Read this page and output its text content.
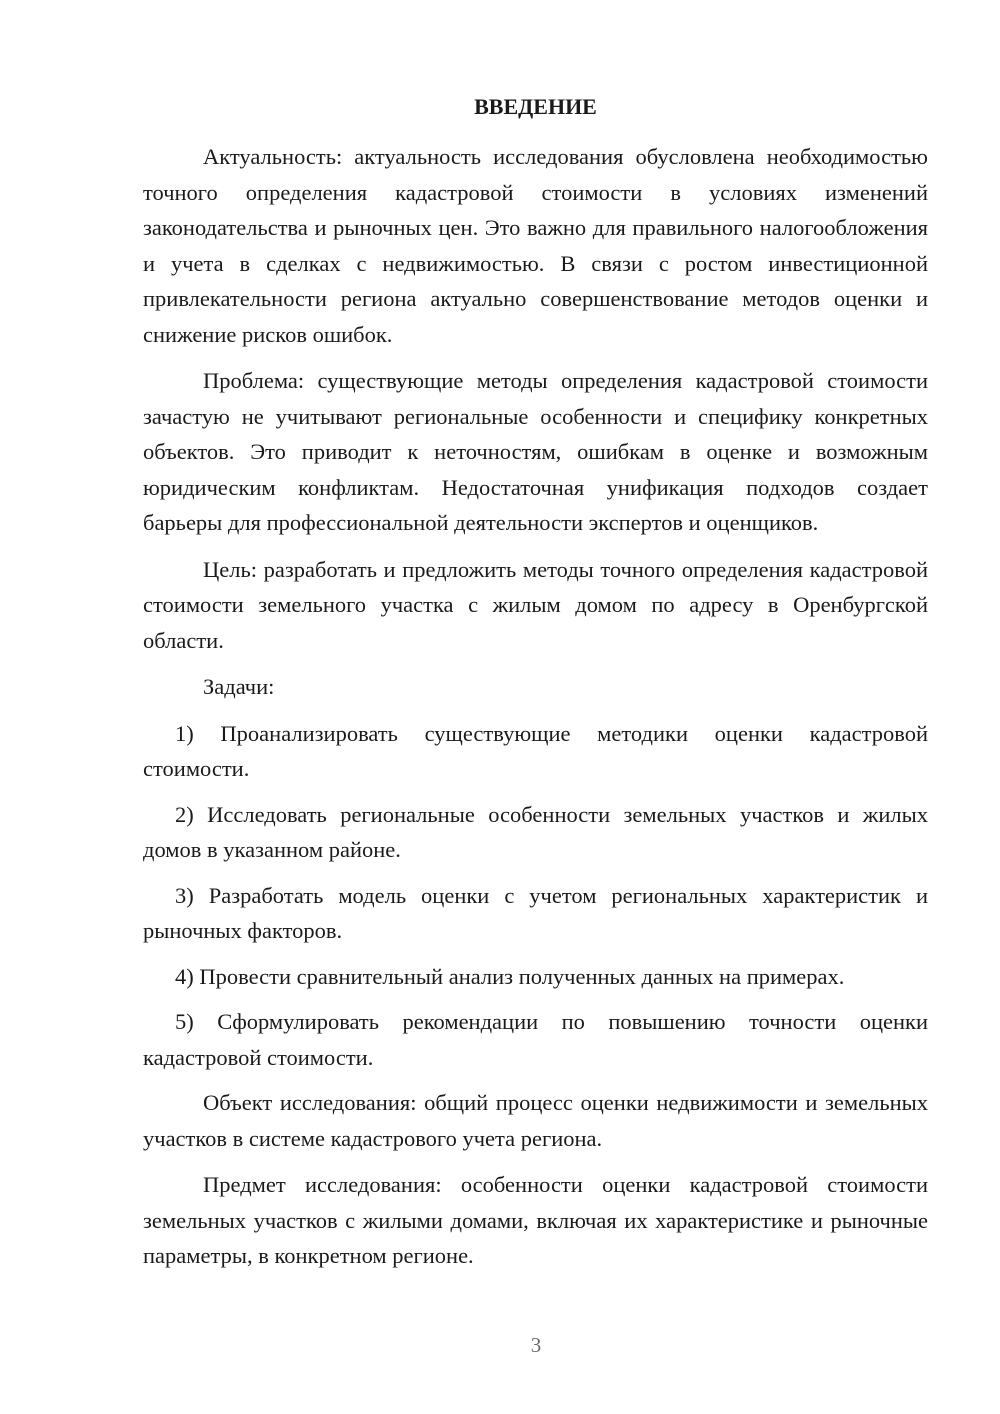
ВВЕДЕНИЕ

Актуальность: актуальность исследования обусловлена необходимостью точного определения кадастровой стоимости в условиях изменений законодательства и рыночных цен. Это важно для правильного налогообложения и учета в сделках с недвижимостью. В связи с ростом инвестиционной привлекательности региона актуально совершенствование методов оценки и снижение рисков ошибок.

Проблема: существующие методы определения кадастровой стоимости зачастую не учитывают региональные особенности и специфику конкретных объектов. Это приводит к неточностям, ошибкам в оценке и возможным юридическим конфликтам. Недостаточная унификация подходов создает барьеры для профессиональной деятельности экспертов и оценщиков.

Цель: разработать и предложить методы точного определения кадастровой стоимости земельного участка с жилым домом по адресу в Оренбургской области.

Задачи:

1) Проанализировать существующие методики оценки кадастровой стоимости.

2) Исследовать региональные особенности земельных участков и жилых домов в указанном районе.

3) Разработать модель оценки с учетом региональных характеристик и рыночных факторов.

4) Провести сравнительный анализ полученных данных на примерах.

5) Сформулировать рекомендации по повышению точности оценки кадастровой стоимости.

Объект исследования: общий процесс оценки недвижимости и земельных участков в системе кадастрового учета региона.

Предмет исследования: особенности оценки кадастровой стоимости земельных участков с жилыми домами, включая их характеристике и рыночные параметры, в конкретном регионе.

3
